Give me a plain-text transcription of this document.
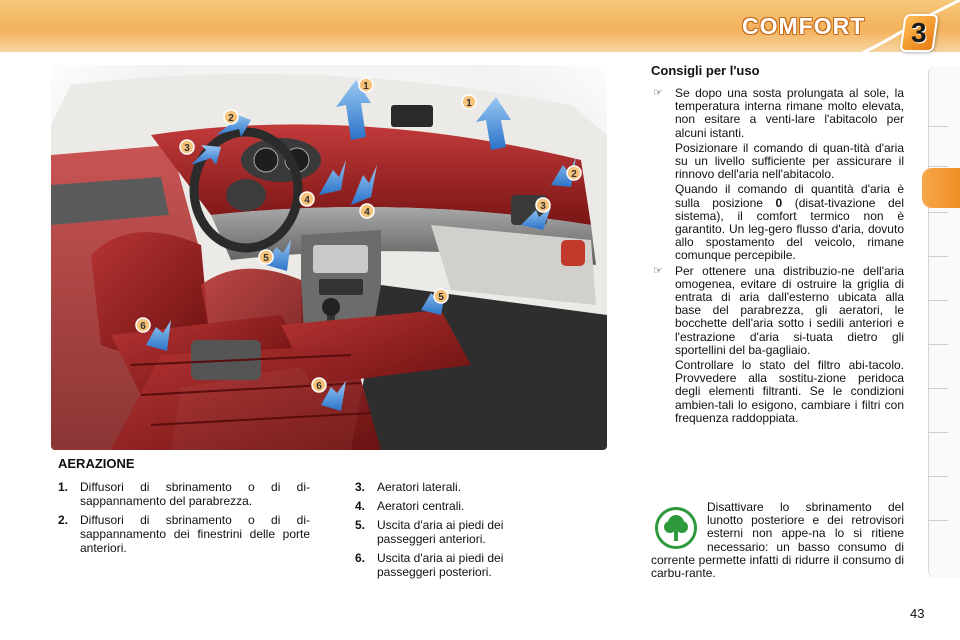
COMFORT 3
1
1
2
2
3
3
4
4
5
5
6
6
AERAZIONE
1. Diffusori di sbrinamento o di di-sappannamento del parabrezza.
2. Diffusori di sbrinamento o di di-sappannamento dei finestrini delle porte anteriori.
3. Aeratori laterali.
4. Aeratori centrali.
5. Uscita d'aria ai piedi dei passeggeri anteriori.
6. Uscita d'aria ai piedi dei passeggeri posteriori.
Consigli per l'uso
☞ Se dopo una sosta prolungata al sole, la temperatura interna rimane molto elevata, non esitare a venti-lare l'abitacolo per alcuni istanti.
Posizionare il comando di quan-tità d'aria su un livello sufficiente per assicurare il rinnovo dell'aria nell'abitacolo.
Quando il comando di quantità d'aria è sulla posizione 0 (disat-tivazione del sistema), il comfort termico non è garantito. Un leg-gero flusso d'aria, dovuto allo spostamento del veicolo, rimane comunque percepibile.
☞ Per ottenere una distribuzio-ne dell'aria omogenea, evitare di ostruire la griglia di entrata di aria dall'esterno ubicata alla base del parabrezza, gli aeratori, le bocchette dell'aria sotto i sedili anteriori e l'estrazione d'aria si-tuata dietro gli sportellini del ba-gagliaio.
Controllare lo stato del filtro abi-tacolo. Provvedere alla sostitu-zione peridoca degli elementi filtranti. Se le condizioni ambien-tali lo esigono, cambiare i filtri con frequenza raddoppiata.
Disattivare lo sbrinamento del lunotto posteriore e dei retrovisori esterni non appe-na lo si ritiene necessario: un basso consumo di corrente permette infatti di ridurre il consumo di carbu-rante.
43
